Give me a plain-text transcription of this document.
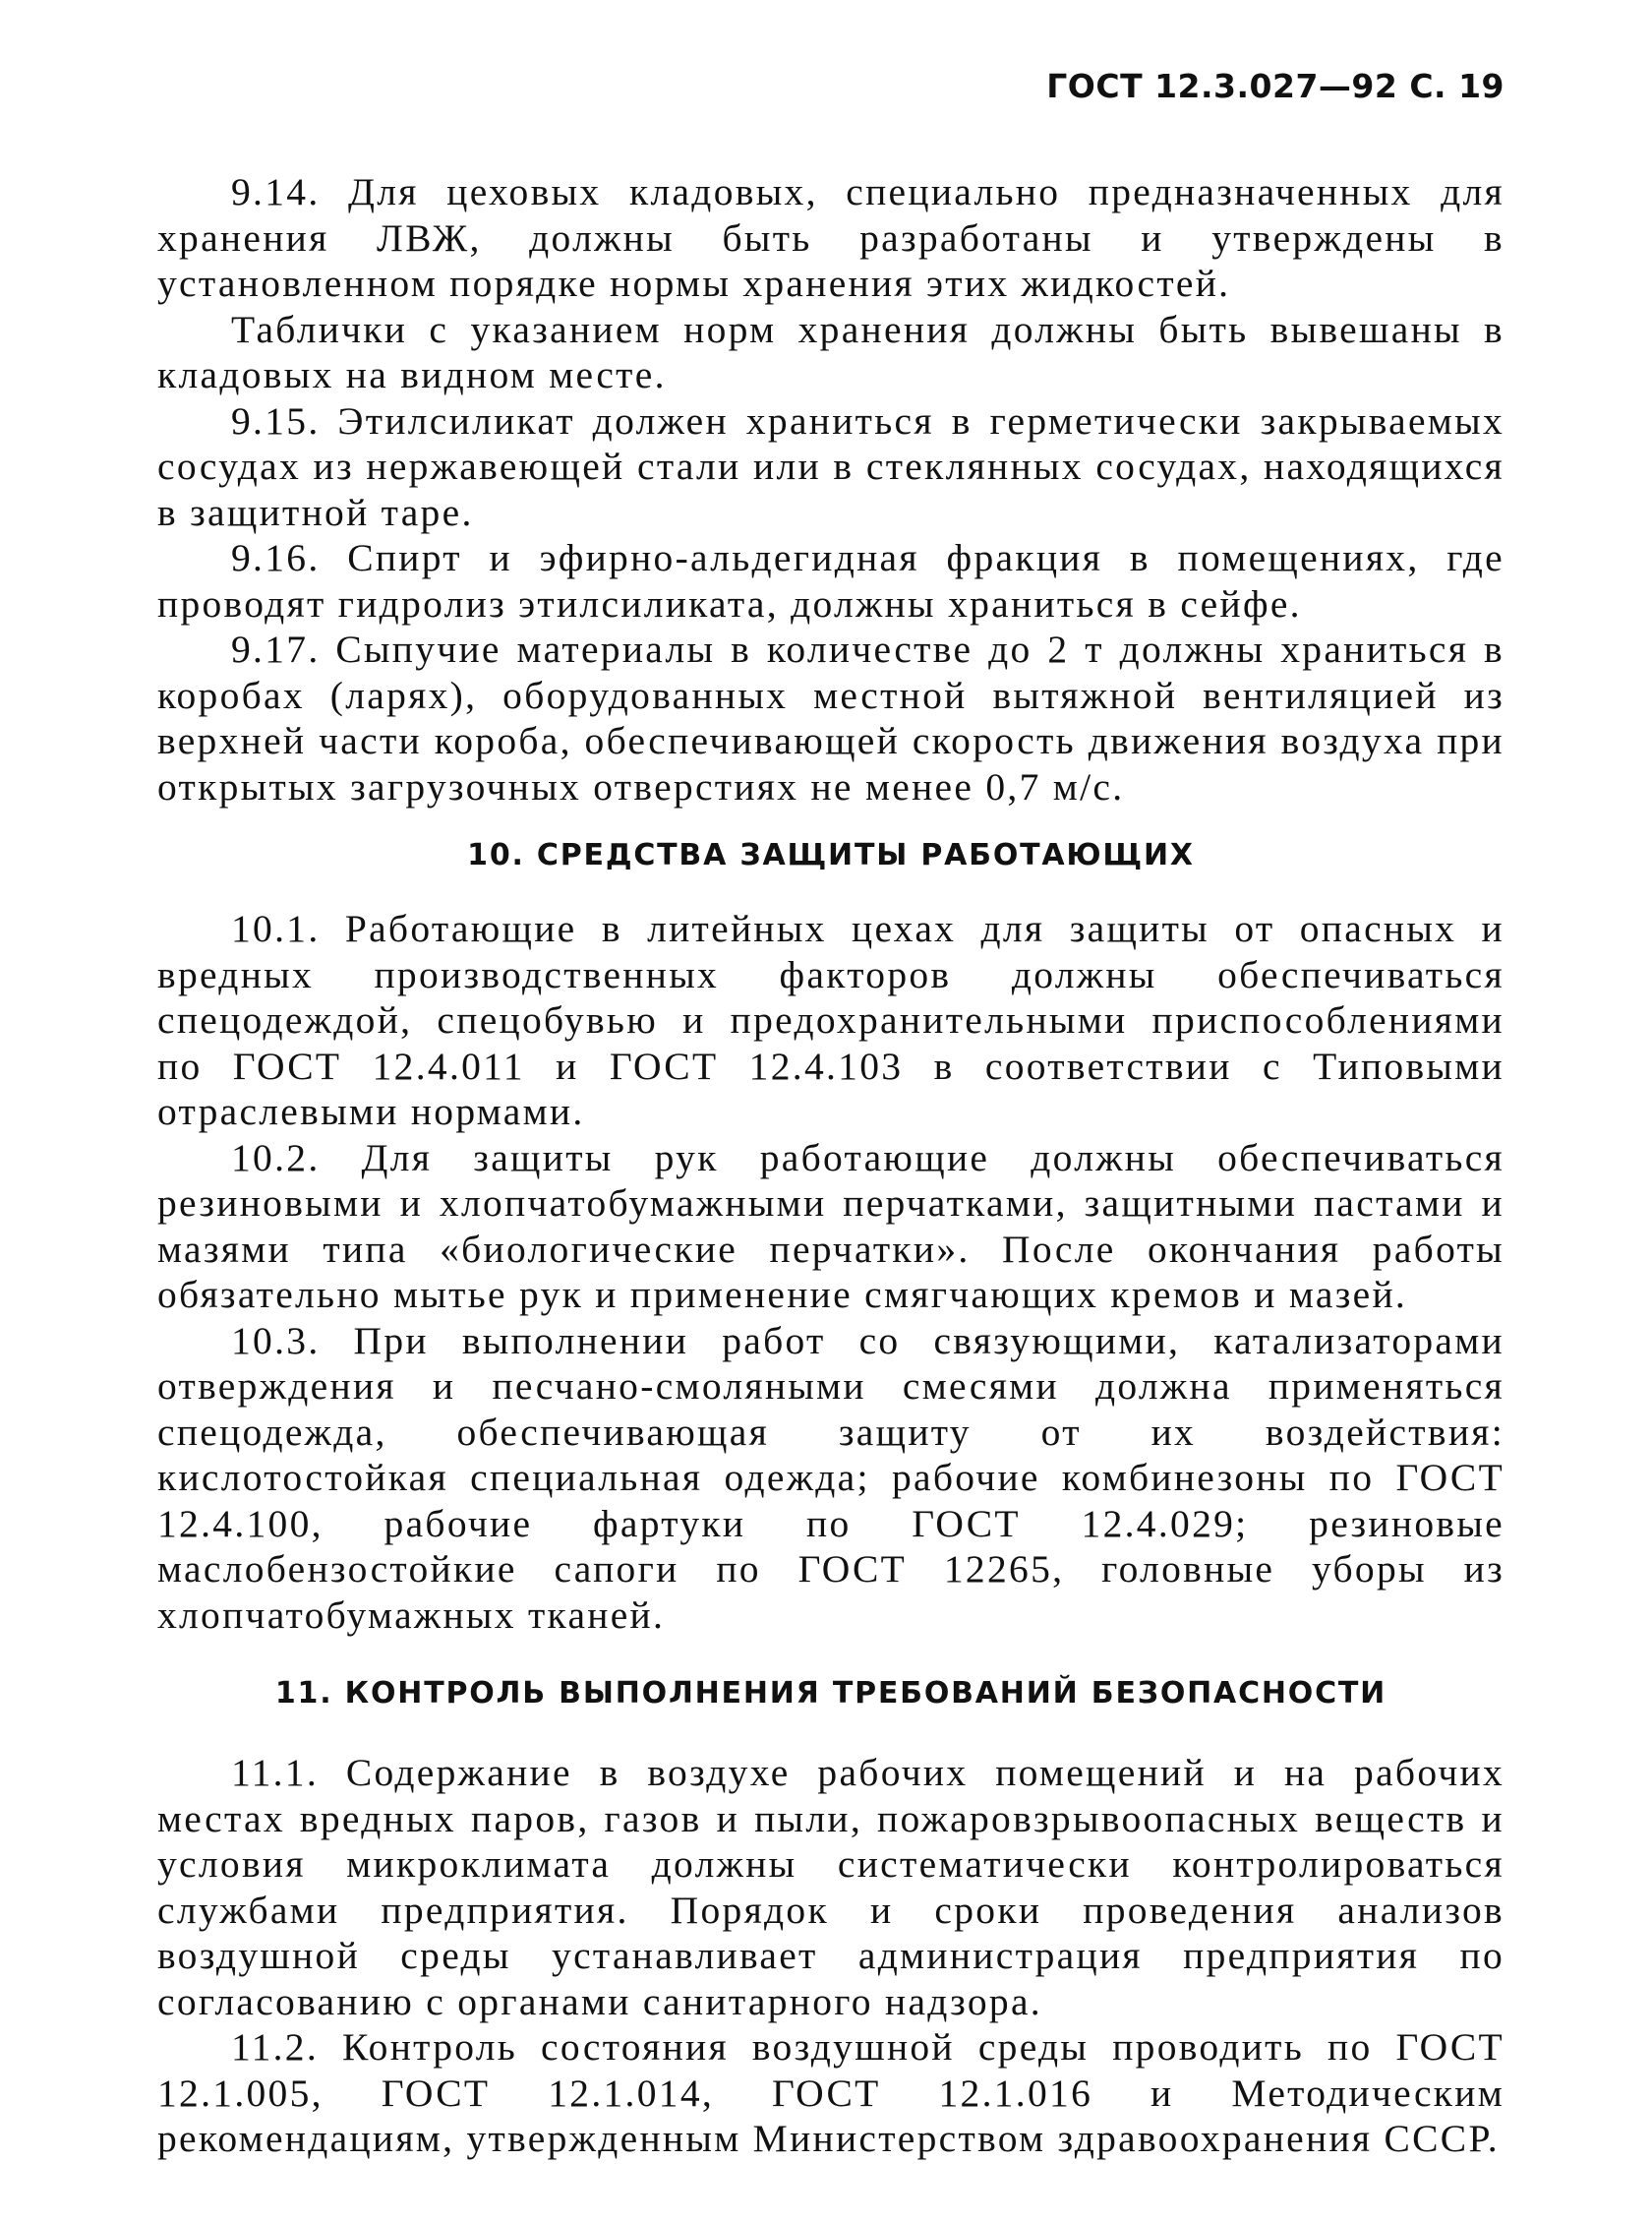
ГОСТ 12.3.027—92 С. 19

9.14. Для цеховых кладовых, специально предназначенных для хранения ЛВЖ, должны быть разработаны и утверждены в установленном порядке нормы хранения этих жидкостей.

Таблички с указанием норм хранения должны быть вывешаны в кладовых на видном месте.

9.15. Этилсиликат должен храниться в герметически закрываемых сосудах из нержавеющей стали или в стеклянных сосудах, находящихся в защитной таре.

9.16. Спирт и эфирно-альдегидная фракция в помещениях, где проводят гидролиз этилсиликата, должны храниться в сейфе.

9.17. Сыпучие материалы в количестве до 2 т должны храниться в коробах (ларях), оборудованных местной вытяжной вентиляцией из верхней части короба, обеспечивающей скорость движения воздуха при открытых загрузочных отверстиях не менее 0,7 м/с.

10. СРЕДСТВА ЗАЩИТЫ РАБОТАЮЩИХ

10.1. Работающие в литейных цехах для защиты от опасных и вредных производственных факторов должны обеспечиваться спецодеждой, спецобувью и предохранительными приспособлениями по ГОСТ 12.4.011 и ГОСТ 12.4.103 в соответствии с Типовыми отраслевыми нормами.

10.2. Для защиты рук работающие должны обеспечиваться резиновыми и хлопчатобумажными перчатками, защитными пастами и мазями типа «биологические перчатки». После окончания работы обязательно мытье рук и применение смягчающих кремов и мазей.

10.3. При выполнении работ со связующими, катализаторами отверждения и песчано-смоляными смесями должна применяться спецодежда, обеспечивающая защиту от их воздействия: кислотостойкая специальная одежда; рабочие комбинезоны по ГОСТ 12.4.100, рабочие фартуки по ГОСТ 12.4.029; резиновые маслобензостойкие сапоги по ГОСТ 12265, головные уборы из хлопчатобумажных тканей.

11. КОНТРОЛЬ ВЫПОЛНЕНИЯ ТРЕБОВАНИЙ БЕЗОПАСНОСТИ

11.1. Содержание в воздухе рабочих помещений и на рабочих местах вредных паров, газов и пыли, пожаровзрывоопасных веществ и условия микроклимата должны систематически контролироваться службами предприятия. Порядок и сроки проведения анализов воздушной среды устанавливает администрация предприятия по согласованию с органами санитарного надзора.

11.2. Контроль состояния воздушной среды проводить по ГОСТ 12.1.005, ГОСТ 12.1.014, ГОСТ 12.1.016 и Методическим рекомендациям, утвержденным Министерством здравоохранения СССР.
